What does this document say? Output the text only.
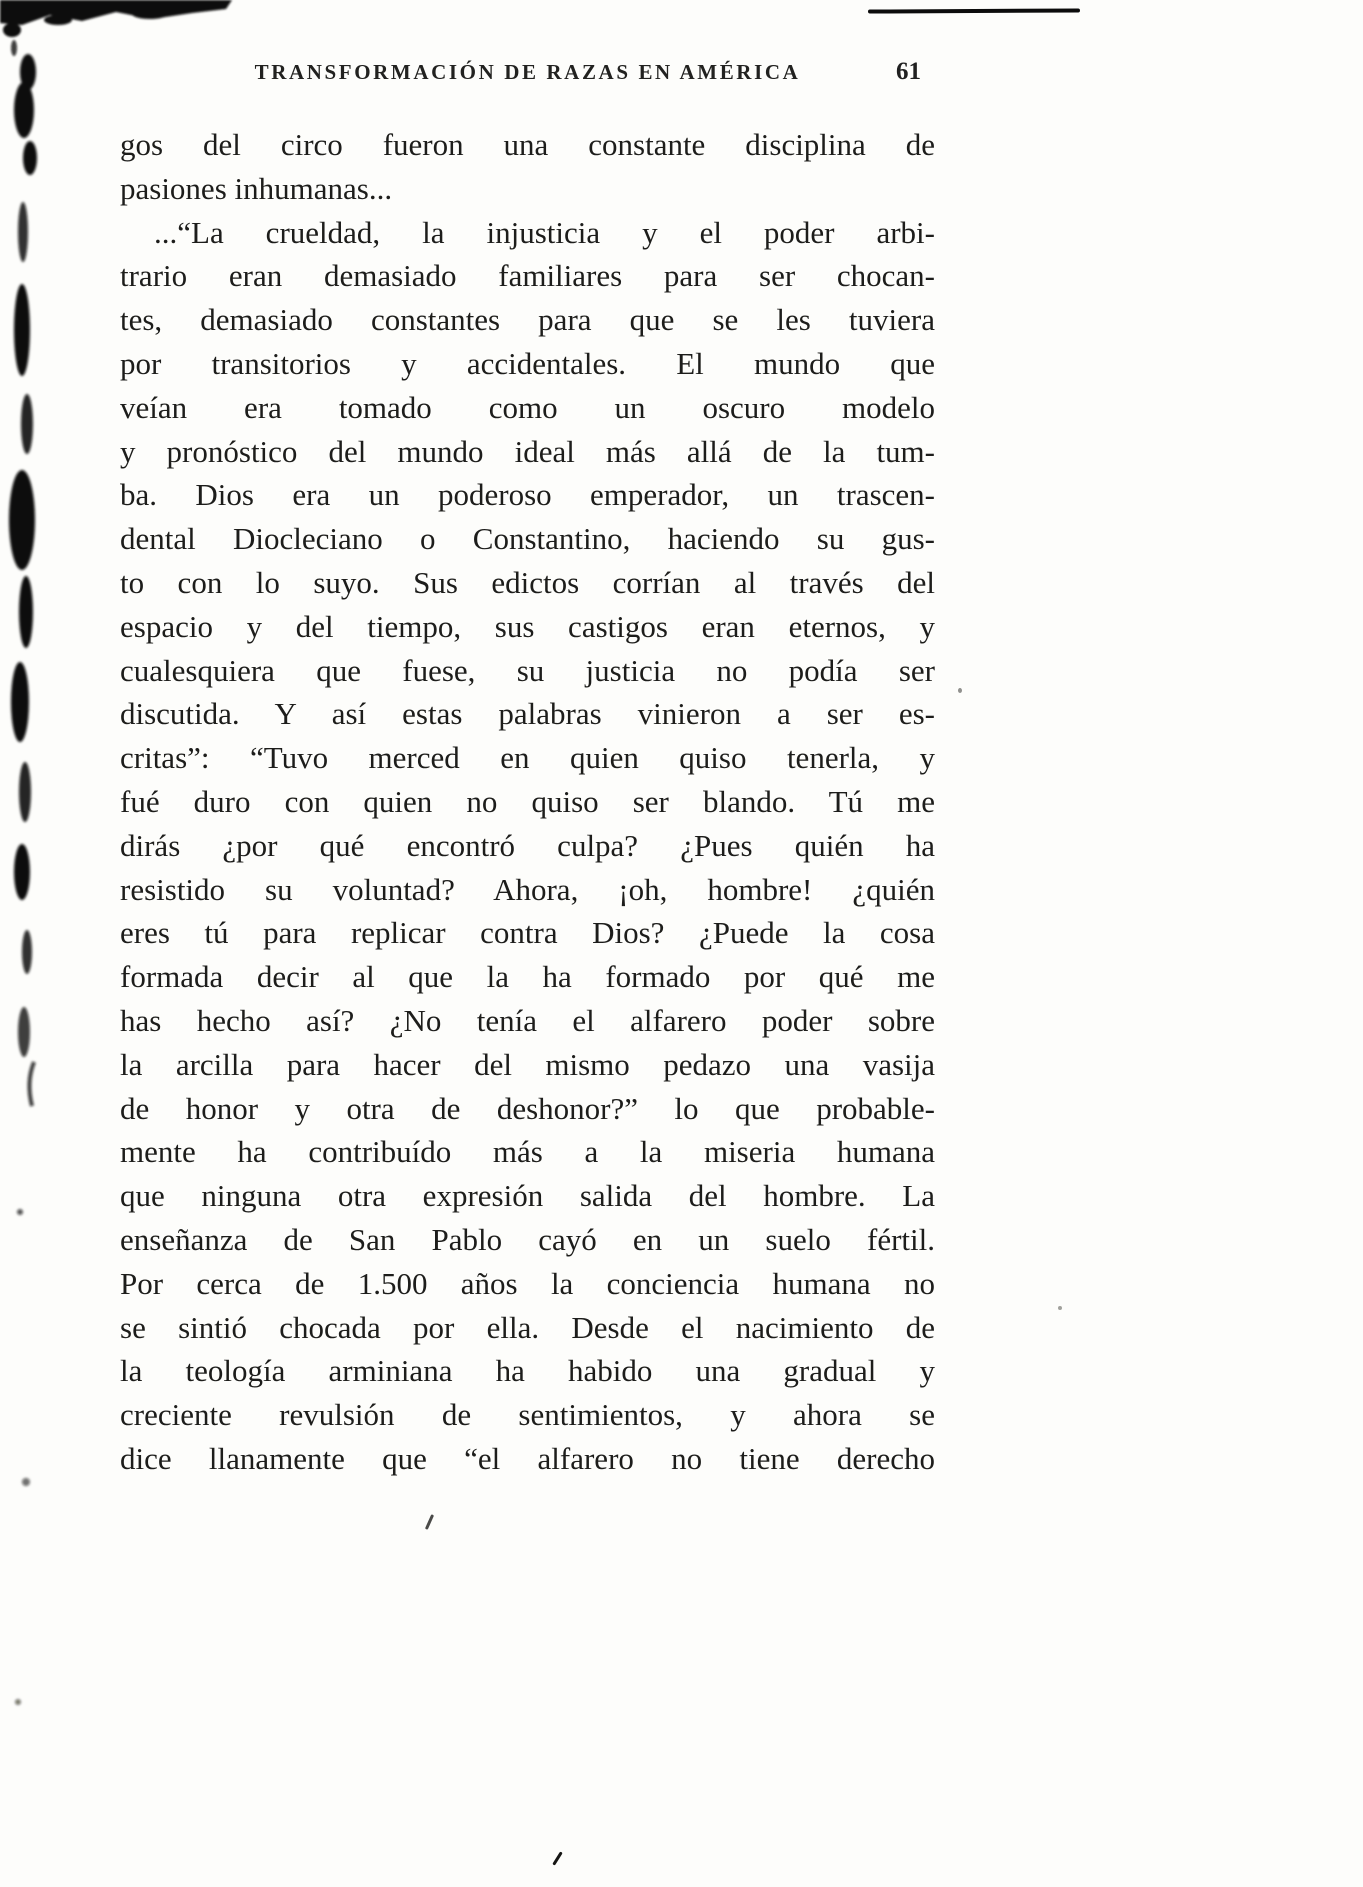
TRANSFORMACIÓN DE RAZAS EN AMÉRICA	61
gos del circo fueron una constante disciplina de
pasiones inhumanas...
...“La crueldad, la injusticia y el poder arbi-
trario eran demasiado familiares para ser chocan-
tes, demasiado constantes para que se les tuviera
por transitorios y accidentales. El mundo que
veían era tomado como un oscuro modelo
y pronóstico del mundo ideal más allá de la tum-
ba. Dios era un poderoso emperador, un trascen-
dental Diocleciano o Constantino, haciendo su gus-
to con lo suyo. Sus edictos corrían al través del
espacio y del tiempo, sus castigos eran eternos, y
cualesquiera que fuese, su justicia no podía ser
discutida. Y así estas palabras vinieron a ser es-
critas”: “Tuvo merced en quien quiso tenerla, y
fué duro con quien no quiso ser blando. Tú me
dirás ¿por qué encontró culpa? ¿Pues quién ha
resistido su voluntad? Ahora, ¡oh, hombre! ¿quién
eres tú para replicar contra Dios? ¿Puede la cosa
formada decir al que la ha formado por qué me
has hecho así? ¿No tenía el alfarero poder sobre
la arcilla para hacer del mismo pedazo una vasija
de honor y otra de deshonor?” lo que probable-
mente ha contribuído más a la miseria humana
que ninguna otra expresión salida del hombre. La
enseñanza de San Pablo cayó en un suelo fértil.
Por cerca de 1.500 años la conciencia humana no
se sintió chocada por ella. Desde el nacimiento de
la teología arminiana ha habido una gradual y
creciente revulsión de sentimientos, y ahora se
dice llanamente que “el alfarero no tiene derecho
